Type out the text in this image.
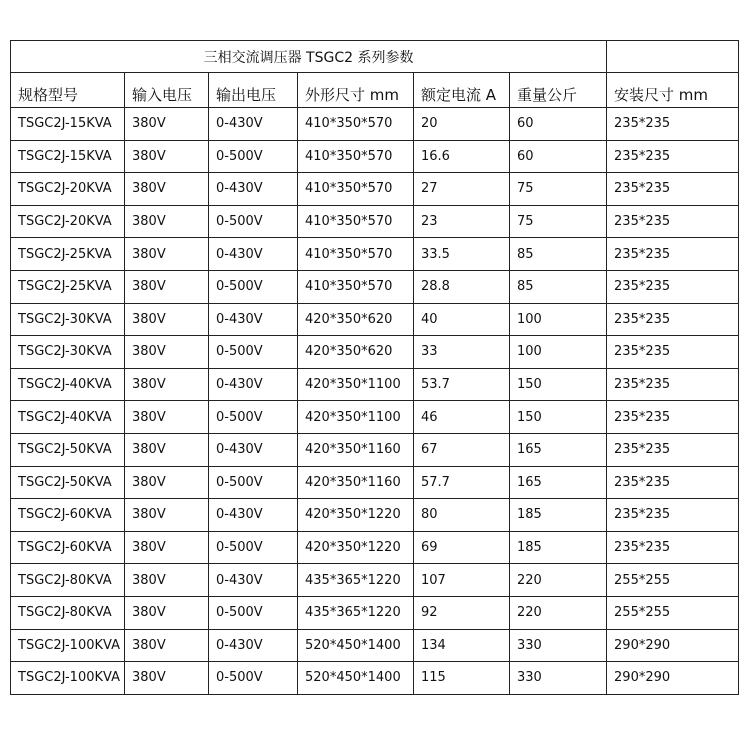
三相交流调压器 TSGC2 系列参数						
规格型号	输入电压	输出电压	外形尺寸 mm	额定电流 A	重量公斤	安装尺寸 mm
TSGC2J-15KVA	380V	0-430V	410*350*570	20	60	235*235
TSGC2J-15KVA	380V	0-500V	410*350*570	16.6	60	235*235
TSGC2J-20KVA	380V	0-430V	410*350*570	27	75	235*235
TSGC2J-20KVA	380V	0-500V	410*350*570	23	75	235*235
TSGC2J-25KVA	380V	0-430V	410*350*570	33.5	85	235*235
TSGC2J-25KVA	380V	0-500V	410*350*570	28.8	85	235*235
TSGC2J-30KVA	380V	0-430V	420*350*620	40	100	235*235
TSGC2J-30KVA	380V	0-500V	420*350*620	33	100	235*235
TSGC2J-40KVA	380V	0-430V	420*350*1100	53.7	150	235*235
TSGC2J-40KVA	380V	0-500V	420*350*1100	46	150	235*235
TSGC2J-50KVA	380V	0-430V	420*350*1160	67	165	235*235
TSGC2J-50KVA	380V	0-500V	420*350*1160	57.7	165	235*235
TSGC2J-60KVA	380V	0-430V	420*350*1220	80	185	235*235
TSGC2J-60KVA	380V	0-500V	420*350*1220	69	185	235*235
TSGC2J-80KVA	380V	0-430V	435*365*1220	107	220	255*255
TSGC2J-80KVA	380V	0-500V	435*365*1220	92	220	255*255
TSGC2J-100KVA	380V	0-430V	520*450*1400	134	330	290*290
TSGC2J-100KVA	380V	0-500V	520*450*1400	115	330	290*290
